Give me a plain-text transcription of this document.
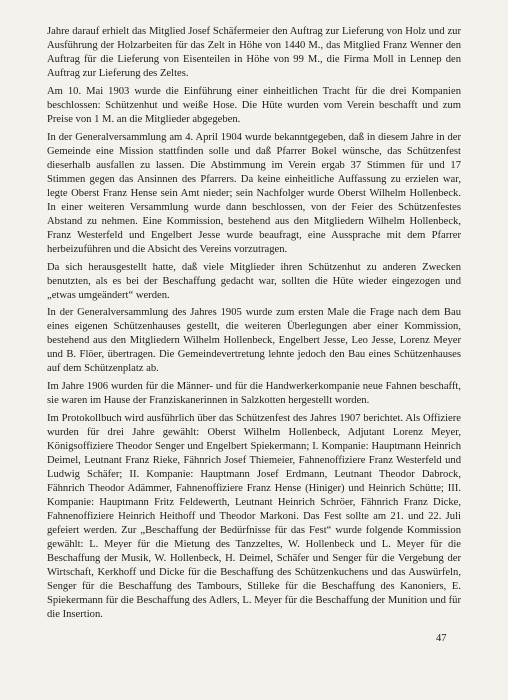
Jahre darauf erhielt das Mitglied Josef Schäfermeier den Auftrag zur Lieferung von Holz und zur Ausführung der Holzarbeiten für das Zelt in Höhe von 1440 M., das Mitglied Franz Wenner den Auftrag für die Lieferung von Eisenteilen in Höhe von 99 M., die Firma Moll in Lennep den Auftrag zur Lieferung des Zeltes.

Am 10. Mai 1903 wurde die Einführung einer einheitlichen Tracht für die drei Kompanien beschlossen: Schützenhut und weiße Hose. Die Hüte wurden vom Verein beschafft und zum Preise von 1 M. an die Mitglieder abgegeben.

In der Generalversammlung am 4. April 1904 wurde bekanntgegeben, daß in diesem Jahre in der Gemeinde eine Mission stattfinden solle und daß Pfarrer Bokel wünsche, das Schützenfest dieserhalb ausfallen zu lassen. Die Abstimmung im Verein ergab 37 Stimmen für und 17 Stimmen gegen das Ansinnen des Pfarrers. Da keine einheitliche Auffassung zu erzielen war, legte Oberst Franz Hense sein Amt nieder; sein Nachfolger wurde Oberst Wilhelm Hollenbeck. In einer weiteren Versammlung wurde dann beschlossen, von der Feier des Schützenfestes Abstand zu nehmen. Eine Kommission, bestehend aus den Mitgliedern Wilhelm Hollenbeck, Franz Westerfeld und Engelbert Jesse wurde beaufragt, eine Aussprache mit dem Pfarrer herbeizuführen und die Absicht des Vereins vorzutragen.

Da sich herausgestellt hatte, daß viele Mitglieder ihren Schützenhut zu anderen Zwecken benutzten, als es bei der Beschaffung gedacht war, sollten die Hüte wieder eingezogen und „etwas umgeändert“ werden.

In der Generalversammlung des Jahres 1905 wurde zum ersten Male die Frage nach dem Bau eines eigenen Schützenhauses gestellt, die weiteren Überlegungen aber einer Kommission, bestehend aus den Mitgliedern Wilhelm Hollenbeck, Engelbert Jesse, Leo Jesse, Lorenz Meyer und B. Flöer, übertragen. Die Gemeindevertretung lehnte jedoch den Bau eines Schützenhauses auf dem Schützenplatz ab.

Im Jahre 1906 wurden für die Männer- und für die Handwerkerkompanie neue Fahnen beschafft, sie waren im Hause der Franziskanerinnen in Salzkotten hergestellt worden.

Im Protokollbuch wird ausführlich über das Schützenfest des Jahres 1907 berichtet. Als Offiziere wurden für drei Jahre gewählt: Oberst Wilhelm Hollenbeck, Adjutant Lorenz Meyer, Königsoffiziere Theodor Senger und Engelbert Spiekermann; I. Kompanie: Hauptmann Heinrich Deimel, Leutnant Franz Rieke, Fähnrich Josef Thiemeier, Fahnenoffiziere Franz Westerfeld und Ludwig Schäfer; II. Kompanie: Hauptmann Josef Erdmann, Leutnant Theodor Dabrock, Fähnrich Theodor Adämmer, Fahnenoffiziere Franz Hense (Hiniger) und Heinrich Schütte; III. Kompanie: Hauptmann Fritz Feldewerth, Leutnant Heinrich Schröer, Fähnrich Franz Dicke, Fahnenoffiziere Heinrich Heithoff und Theodor Markoni. Das Fest sollte am 21. und 22. Juli gefeiert werden. Zur „Beschaffung der Bedürfnisse für das Fest“ wurde folgende Kommission gewählt: L. Meyer für die Mietung des Tanzzeltes, W. Hollenbeck und L. Meyer für die Beschaffung der Musik, W. Hollenbeck, H. Deimel, Schäfer und Senger für die Vergebung der Wirtschaft, Kerkhoff und Dicke für die Beschaffung des Schützenkuchens und das Auswürfeln, Senger für die Beschaffung des Tambours, Stilleke für die Beschaffung des Kanoniers, E. Spiekermann für die Beschaffung des Adlers, L. Meyer für die Beschaffung der Munition und für die Insertion.

47
